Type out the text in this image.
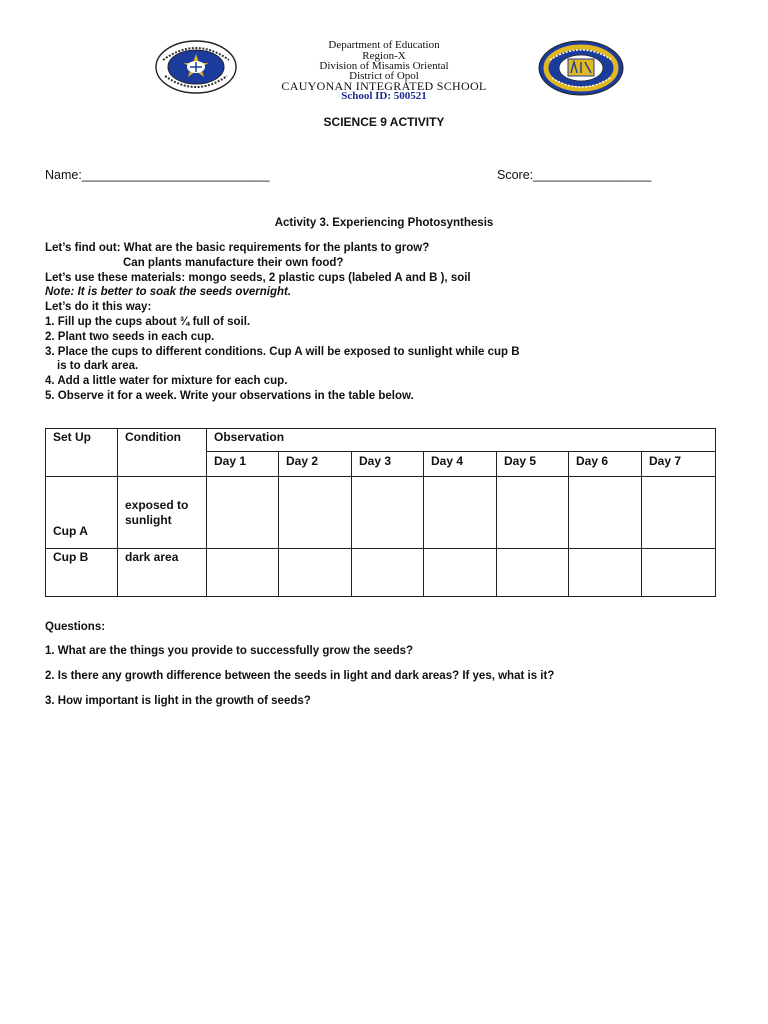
Department of Education
Region-X
Division of Misamis Oriental
District of Opol
CAUYONAN INTEGRATED SCHOOL
School ID: 500521
SCIENCE 9 ACTIVITY
Name:___________________________	Score:_________________
Activity 3. Experiencing Photosynthesis
Let’s find out: What are the basic requirements for the plants to grow?
Can plants manufacture their own food?
Let’s use these materials: mongo seeds, 2 plastic cups (labeled A and B ), soil
Note: It is better to soak the seeds overnight.
Let’s do it this way:
1. Fill up the cups about ¾ full of soil.
2. Plant two seeds in each cup.
3. Place the cups to different conditions. Cup A will be exposed to sunlight while cup B
is to dark area.
4. Add a little water for mixture for each cup.
5. Observe it for a week. Write your observations in the table below.
Set Up	Condition	Observation						
		Day 1	Day 2	Day 3	Day 4	Day 5	Day 6	Day 7
Cup A	exposed to sunlight							
Cup B	dark area							
Questions:
1. What are the things you provide to successfully grow the seeds?
2. Is there any growth difference between the seeds in light and dark areas? If yes, what is it?
3. How important is light in the growth of seeds?
